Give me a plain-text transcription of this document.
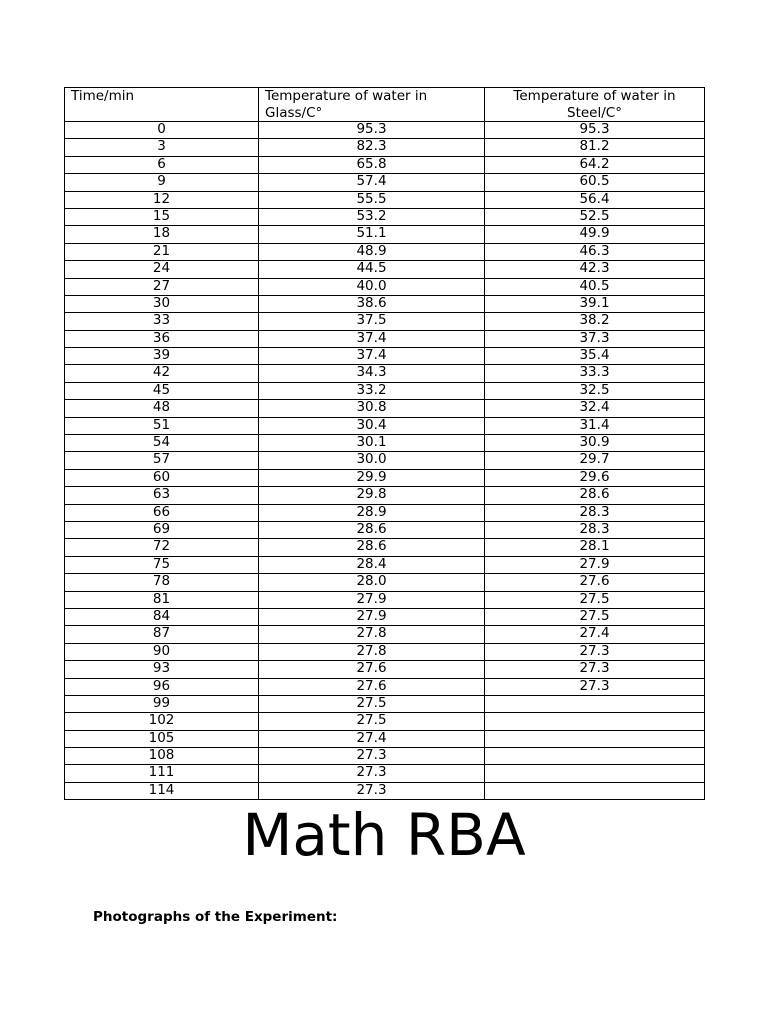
Time/min	Temperature of water in Glass/C°	Temperature of water in Steel/C°
0	95.3	95.3
3	82.3	81.2
6	65.8	64.2
9	57.4	60.5
12	55.5	56.4
15	53.2	52.5
18	51.1	49.9
21	48.9	46.3
24	44.5	42.3
27	40.0	40.5
30	38.6	39.1
33	37.5	38.2
36	37.4	37.3
39	37.4	35.4
42	34.3	33.3
45	33.2	32.5
48	30.8	32.4
51	30.4	31.4
54	30.1	30.9
57	30.0	29.7
60	29.9	29.6
63	29.8	28.6
66	28.9	28.3
69	28.6	28.3
72	28.6	28.1
75	28.4	27.9
78	28.0	27.6
81	27.9	27.5
84	27.9	27.5
87	27.8	27.4
90	27.8	27.3
93	27.6	27.3
96	27.6	27.3
99	27.5	
102	27.5	
105	27.4	
108	27.3	
111	27.3	
114	27.3	
Math RBA
Photographs of the Experiment:
